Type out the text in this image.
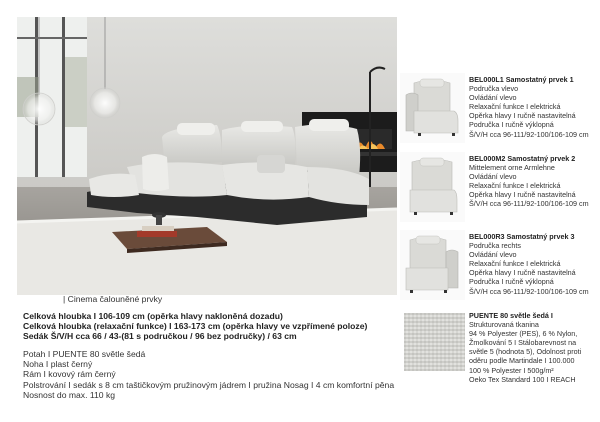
BEL000L1 Samostatný prvek 1
Područka vlevo
Ovládání vlevo
Relaxační funkce I elektrická
Opěrka hlavy I ručně nastavitelná
Područka I ručně výklopná
Š/V/H cca 96-111/92-100/106-109 cm
BEL000M2 Samostatný prvek 2
Mittelement orne Armlehne
Ovládání vlevo
Relaxační funkce I elektrická
Opěrka hlavy I ručně nastavitelná
Š/V/H cca 96-111/92-100/106-109 cm
BEL000R3 Samostatný prvek 3
Područka rechts
Ovládání vlevo
Relaxační funkce I elektrická
Opěrka hlavy I ručně nastavitelná
Područka I ručně výklopná
Š/V/H cca 96-111/92-100/106-109 cm
PUENTE 80 světle šedá I
Strukturovaná tkanina
94 % Polyester (PES), 6 % Nylon,
Žmolkování 5 I Stálobarevnost na
světle 5 (hodnota 5), Odolnost proti
oděru podle Martindale I 100.000
100 % Polyester I 500g/m²
Oeko Tex Standard 100 I REACH
| Cinema čalouněné prvky
Celková hloubka I 106-109 cm (opěrka hlavy nakloněná dozadu)
Celková hloubka (relaxační funkce) I 163-173 cm (opěrka hlavy ve vzpřímené poloze)
Sedák Š/V/H cca 66 / 43-(81 s područkou / 96 bez područky) / 63 cm
Potah I PUENTE 80 světle šedá
Noha I plast černý
Rám I kovový rám černý
Polstrování I sedák s 8 cm taštičkovým pružinovým jádrem I pružina Nosag I 4 cm komfortní pěna
Nosnost do max. 110 kg
